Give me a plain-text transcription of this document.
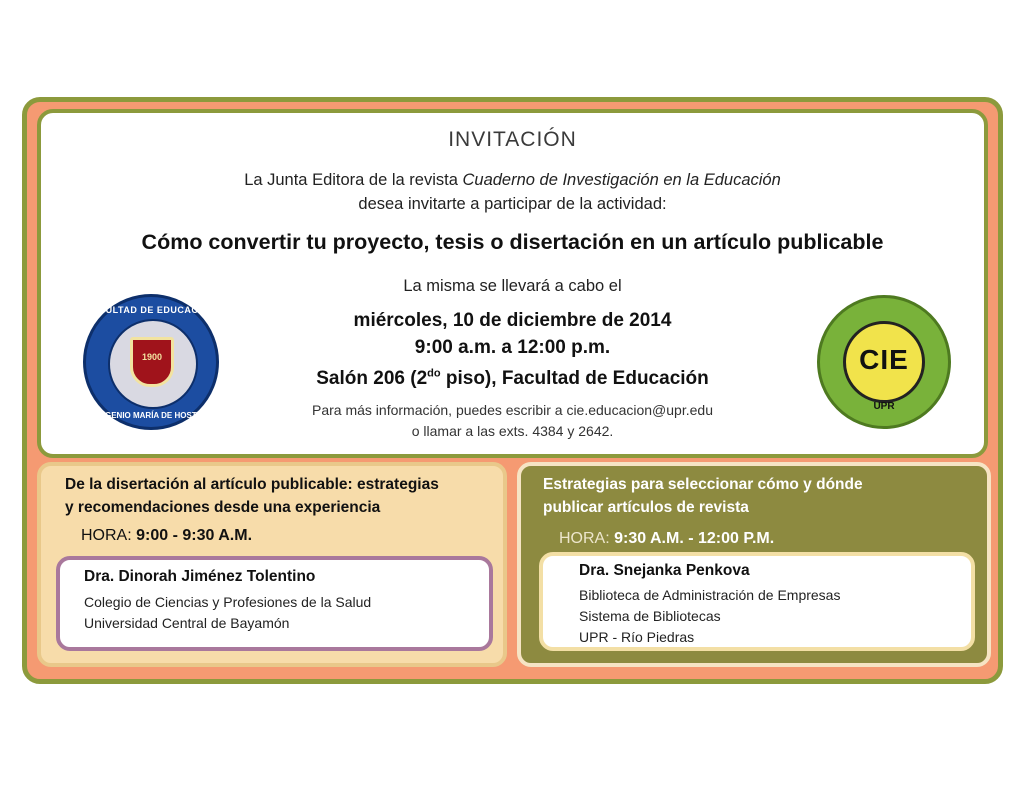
INVITACIÓN
La Junta Editora de la revista Cuaderno de Investigación en la Educación
desea invitarte a participar de la actividad:
Cómo convertir tu proyecto, tesis o disertación en un artículo publicable
La misma se llevará a cabo el
miércoles, 10 de diciembre de 2014
9:00 a.m. a 12:00 p.m.
Salón 206 ($2^{do}$ piso), Facultad de Educación
Para más información, puedes escribir a cie.educacion@upr.edu
o llamar a las exts. 4384 y 2642.
FACULTAD DE EDUCACIÓN
1900
EUGENIO MARÍA DE HOSTOS
CIE
UPR
De la disertación al artículo publicable: estrategias
y recomendaciones desde una experiencia
HORA: 9:00 - 9:30 A.M.
Dra. Dinorah Jiménez Tolentino
Colegio de Ciencias y Profesiones de la Salud
Universidad Central de Bayamón
Estrategias para seleccionar cómo y dónde
publicar artículos de revista
HORA: 9:30 A.M. - 12:00 P.M.
Dra. Snejanka Penkova
Biblioteca de Administración de Empresas
Sistema de Bibliotecas
UPR - Río Piedras
